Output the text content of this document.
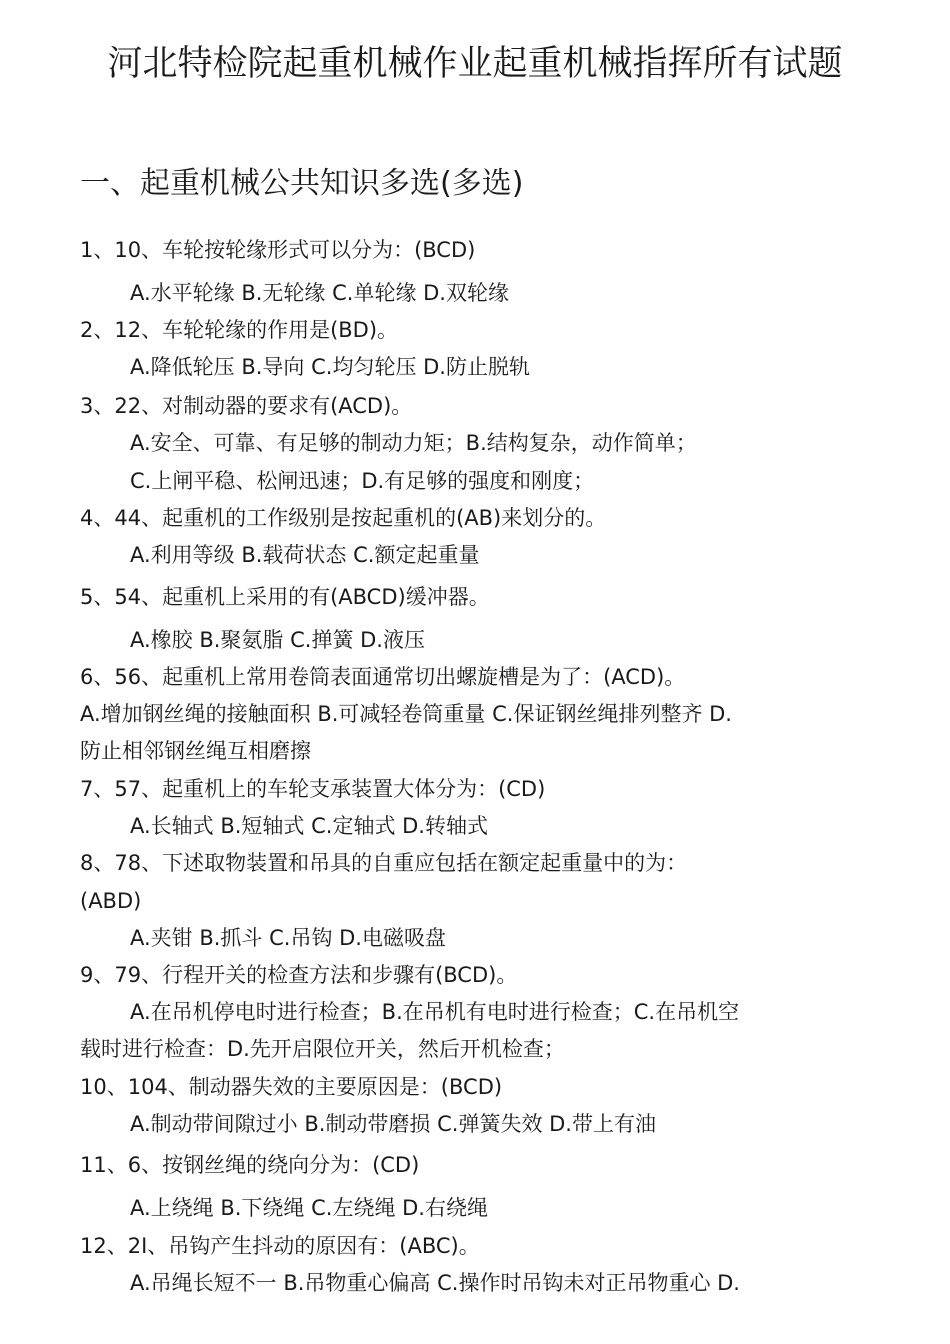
河北特检院起重机械作业起重机械指挥所有试题
一、起重机械公共知识多选(多选)
1、10、车轮按轮缘形式可以分为：(BCD)
A.水平轮缘 B.无轮缘 C.单轮缘 D.双轮缘
2、12、车轮轮缘的作用是(BD)。
A.降低轮压 B.导向 C.均匀轮压 D.防止脱轨
3、22、对制动器的要求有(ACD)。
A.安全、可靠、有足够的制动力矩；B.结构复杂，动作简单；
C.上闸平稳、松闸迅速；D.有足够的强度和刚度；
4、44、起重机的工作级别是按起重机的(AB)来划分的。
A.利用等级 B.载荷状态 C.额定起重量
5、54、起重机上采用的有(ABCD)缓冲器。
A.橡胶 B.聚氨脂 C.掸簧 D.液压
6、56、起重机上常用卷筒表面通常切出螺旋槽是为了：(ACD)。
A.增加钢丝绳的接触面积 B.可减轻卷筒重量 C.保证钢丝绳排列整齐 D.
防止相邻钢丝绳互相磨擦
7、57、起重机上的车轮支承装置大体分为：(CD)
A.长轴式 B.短轴式 C.定轴式 D.转轴式
8、78、下述取物装置和吊具的自重应包括在额定起重量中的为：
(ABD)
A.夹钳 B.抓斗 C.吊钩 D.电磁吸盘
9、79、行程开关的检查方法和步骤有(BCD)。
A.在吊机停电时进行检查；B.在吊机有电时进行检查；C.在吊机空
载时进行检查：D.先开启限位开关，然后开机检查；
10、104、制动器失效的主要原因是：(BCD)
A.制动带间隙过小 B.制动带磨损 C.弹簧失效 D.带上有油
11、6、按钢丝绳的绕向分为：(CD)
A.上绕绳 B.下绕绳 C.左绕绳 D.右绕绳
12、2I、吊钩产生抖动的原因有：(ABC)。
A.吊绳长短不一 B.吊物重心偏高 C.操作时吊钩未对正吊物重心 D.
